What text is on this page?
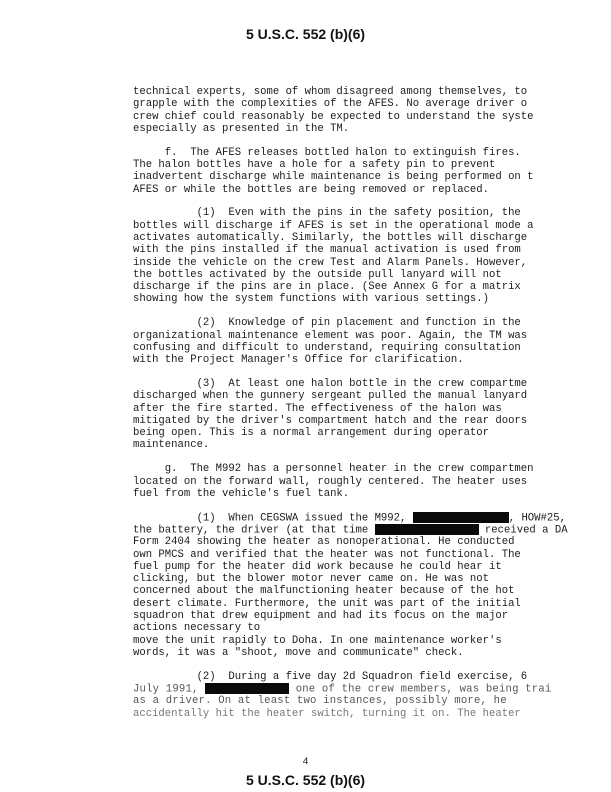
5 U.S.C. 552 (b)(6)
technical experts, some of whom disagreed among themselves, to
grapple with the complexities of the AFES. No average driver o
crew chief could reasonably be expected to understand the syste
especially as presented in the TM.
f.  The AFES releases bottled halon to extinguish fires.
The halon bottles have a hole for a safety pin to prevent
inadvertent discharge while maintenance is being performed on t
AFES or while the bottles are being removed or replaced.
(1)  Even with the pins in the safety position, the
bottles will discharge if AFES is set in the operational mode a
activates automatically. Similarly, the bottles will discharge
with the pins installed if the manual activation is used from
inside the vehicle on the crew Test and Alarm Panels. However,
the bottles activated by the outside pull lanyard will not
discharge if the pins are in place. (See Annex G for a matrix
showing how the system functions with various settings.)
(2)  Knowledge of pin placement and function in the
organizational maintenance element was poor. Again, the TM was
confusing and difficult to understand, requiring consultation
with the Project Manager's Office for clarification.
(3)  At least one halon bottle in the crew compartme
discharged when the gunnery sergeant pulled the manual lanyard
after the fire started. The effectiveness of the halon was
mitigated by the driver's compartment hatch and the rear doors
being open. This is a normal arrangement during operator
maintenance.
g.  The M992 has a personnel heater in the crew compartmen
located on the forward wall, roughly centered. The heater uses
fuel from the vehicle's fuel tank.
(1)  When CEGSWA issued the M992,	, HOW#25,
the battery, the driver (at that time	received a DA
Form 2404 showing the heater as nonoperational. He conducted
own PMCS and verified that the heater was not functional. The
fuel pump for the heater did work because he could hear it
clicking, but the blower motor never came on. He was not
concerned about the malfunctioning heater because of the hot
desert climate. Furthermore, the unit was part of the initial
squadron that drew equipment and had its focus on the major
actions necessary to
move the unit rapidly to Doha. In one maintenance worker's
words, it was a "shoot, move and communicate" check.
(2)  During a five day 2d Squadron field exercise, 6
July 1991,	one of the crew members, was being trai
as a driver. On at least two instances, possibly more, he
accidentally hit the heater switch, turning it on. The heater
4
5 U.S.C. 552 (b)(6)
